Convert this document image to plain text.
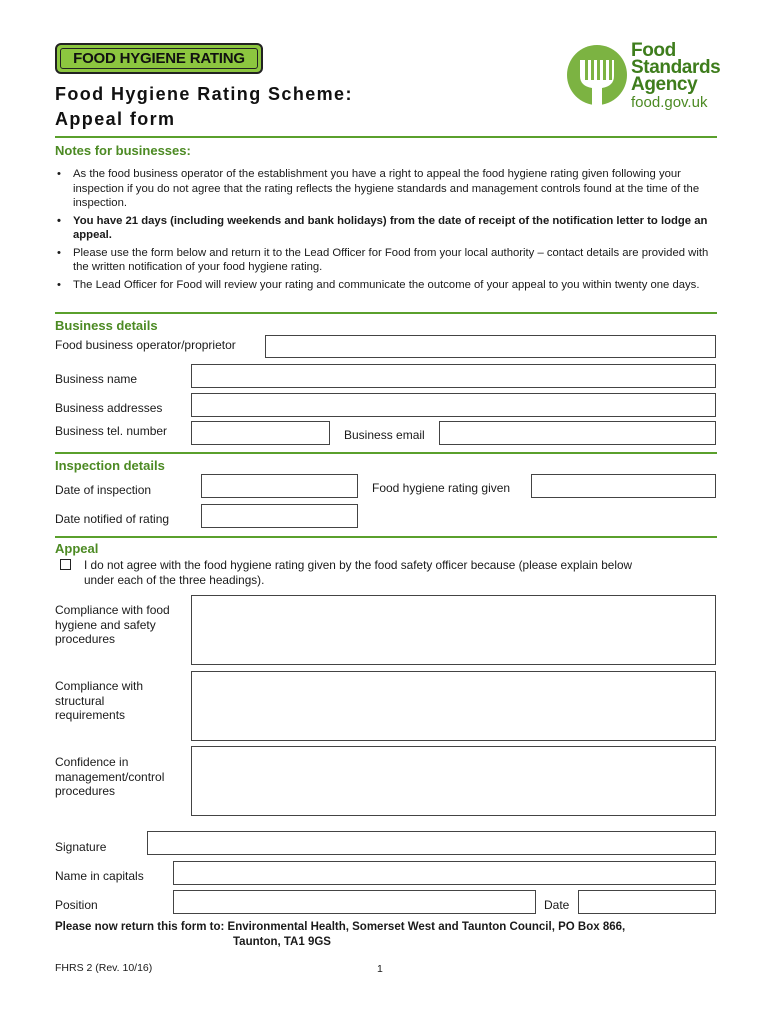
FOOD HYGIENE RATING
Food Hygiene Rating Scheme:
Appeal form
Food
Standards
Agency
food.gov.uk
Notes for businesses:
• As the food business operator of the establishment you have a right to appeal the food hygiene rating given following your inspection if you do not agree that the rating reflects the hygiene standards and management controls found at the time of the inspection.
• You have 21 days (including weekends and bank holidays) from the date of receipt of the notification letter to lodge an appeal.
• Please use the form below and return it to the Lead Officer for Food from your local authority – contact details are provided with the written notification of your food hygiene rating.
• The Lead Officer for Food will review your rating and communicate the outcome of your appeal to you within twenty one days.
Business details
Food business operator/proprietor
Business name
Business addresses
Business tel. number	Business email
Inspection details
Date of inspection	Food hygiene rating given
Date notified of rating
Appeal
I do not agree with the food hygiene rating given by the food safety officer because (please explain below
under each of the three headings).
Compliance with food
hygiene and safety
procedures
Compliance with
structural
requirements
Confidence in
management/control
procedures
Signature
Name in capitals
Position	Date
Please now return this form to: Environmental Health, Somerset West and Taunton Council, PO Box 866,
Taunton, TA1 9GS
FHRS 2 (Rev. 10/16)	1
